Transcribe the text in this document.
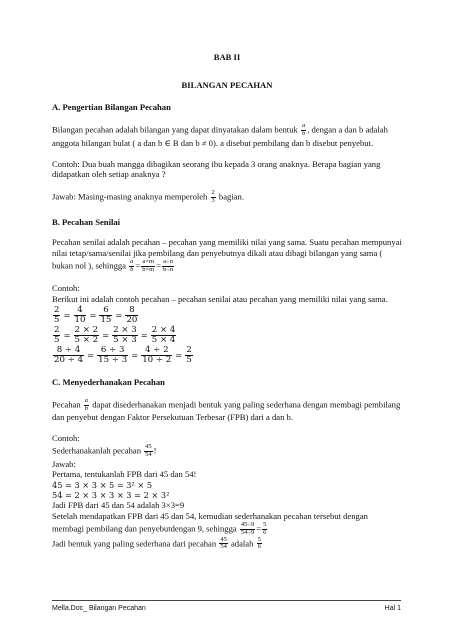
BAB II

BILANGAN PECAHAN

A. Pengertian Bilangan Pecahan

Bilangan pecahan adalah bilangan yang dapat dinyatakan dalam bentuk $\frac{a}{b}$ , dengan a dan b adalah anggota bilangan bulat ( a dan b ∈ B dan b ≠ 0). a disebut pembilang dan b disebut penyebut.

Contoh: Dua buah mangga dibagikan seorang ibu kepada 3 orang anaknya. Berapa bagian yang didapatkan oleh setiap anaknya ?

Jawab: Masing-masing anaknya memperoleh $\frac{2}{3}$ bagian.

B. Pecahan Senilai

Pecahan senilai adalah pecahan – pecahan yang memiliki nilai yang sama. Suatu pecahan mempunyai nilai tetap/sama/senilai jika pembilang dan penyebutnya dikali atau dibagi bilangan yang sama ( bukan nol ), sehingga $\frac{a}{b} = \frac{a\times m}{b\times m} = \frac{a\div n}{b\div n}$

Contoh:

Berikut ini adalah contoh pecahan – pecahan senilai atau pecahan yang memiliki nilai yang sama.

$\frac{2}{5} = \frac{4}{10} = \frac{6}{15} = \frac{8}{20}$
$\frac{2}{5} = \frac{2 \times 2}{5 \times 2} = \frac{2 \times 3}{5 \times 3} = \frac{2 \times 4}{5 \times 4}$
$\frac{8 \div 4}{20 \div 4} = \frac{6 \div 3}{15 \div 3} = \frac{4 \div 2}{10 \div 2} = \frac{2}{5}$

C. Menyederhanakan Pecahan

Pecahan $\frac{a}{b}$ dapat disederhanakan menjadi bentuk yang paling sederhana dengan membagi pembilang dan penyebut dengan Faktor Persekutuan Terbesar (FPB) dari a dan b.

Contoh:

Sederhanakanlah pecahan $\frac{45}{54}$ !

Jawab:

Pertama, tentukanlah FPB dari 45 dan 54!

45 = 3 × 3 × 5 = 3² × 5

54 = 2 × 3 × 3 × 3 = 2 × 3²

Jadi FPB dari 45 dan 54 adalah 3×3=9

Setelah mendapatkan FPB dari 45 dan 54, kemudian sederhanakan pecahan tersebut dengan

membagi pembilang dan penyebutdengan 9, sehingga $\frac{45\div 9}{54\div 9} = \frac{5}{6}$

Jadi bentuk yang paling sederhana dari pecahan $\frac{45}{54}$ adalah $\frac{5}{6}$

Mella.Doc_ Bilangan Pecahan	Hal 1
